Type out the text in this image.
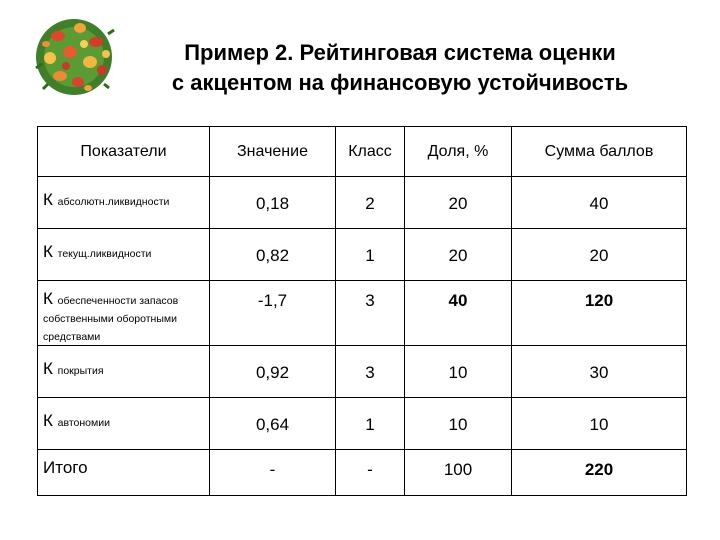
Пример 2. Рейтинговая система оценки
с акцентом на финансовую устойчивость
Показатели	Значение	Класс	Доля, %	Сумма баллов

К абсолютн.ликвидности	0,18	2	20	40

К текущ.ликвидности	0,82	1	20	20

К обеспеченности запасов собственными оборотными средствами	-1,7	3	40	120

К покрытия	0,92	3	10	30

К автономии	0,64	1	10	10

Итого	-	-	100	220
